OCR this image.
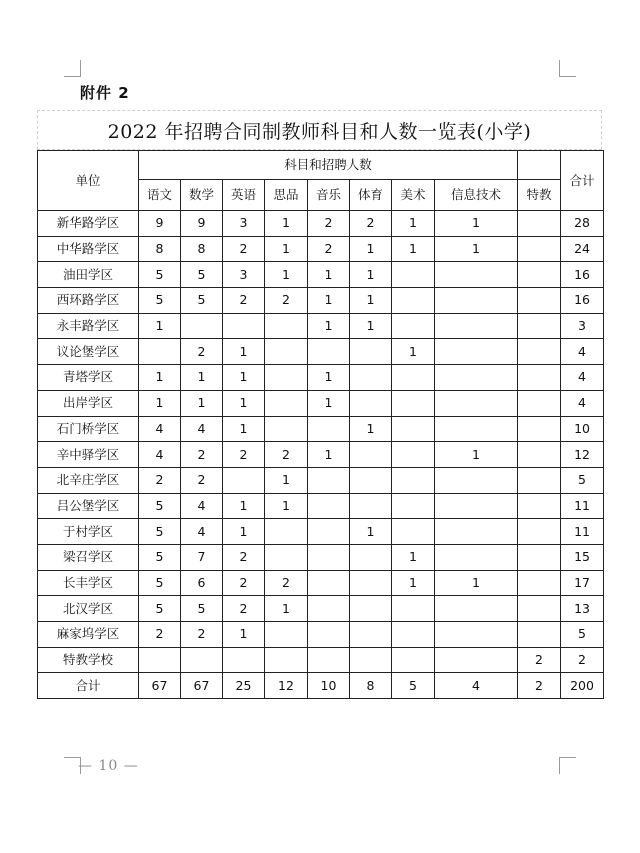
附件 2
2022 年招聘合同制教师科目和人数一览表(小学)
单位	科目和招聘人数									合计
	语文	数学	英语	思品	音乐	体育	美术	信息技术	特教	
新华路学区	9	9	3	1	2	2	1	1		28
中华路学区	8	8	2	1	2	1	1	1		24
油田学区	5	5	3	1	1	1				16
西环路学区	5	5	2	2	1	1				16
永丰路学区	1				1	1				3
议论堡学区		2	1				1			4
青塔学区	1	1	1		1					4
出岸学区	1	1	1		1					4
石门桥学区	4	4	1			1				10
辛中驿学区	4	2	2	2	1			1		12
北辛庄学区	2	2		1						5
吕公堡学区	5	4	1	1						11
于村学区	5	4	1			1				11
梁召学区	5	7	2				1			15
长丰学区	5	6	2	2			1	1		17
北汉学区	5	5	2	1						13
麻家坞学区	2	2	1							5
特教学校									2	2
合计	67	67	25	12	10	8	5	4	2	200
— 10 —
